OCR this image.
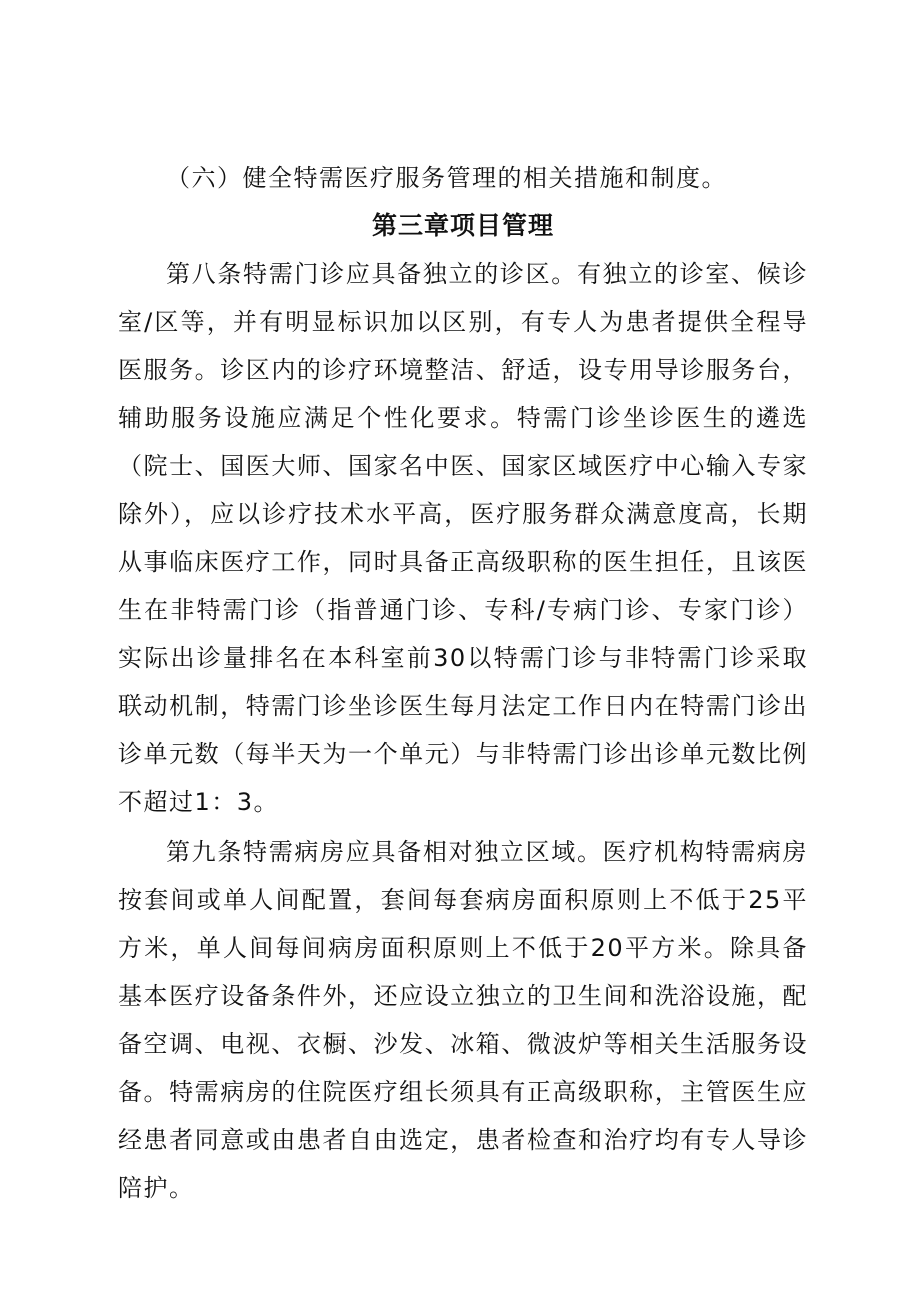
（六）健全特需医疗服务管理的相关措施和制度。

第三章项目管理

第八条特需门诊应具备独立的诊区。有独立的诊室、候诊室/区等，并有明显标识加以区别，有专人为患者提供全程导医服务。诊区内的诊疗环境整洁、舒适，设专用导诊服务台，辅助服务设施应满足个性化要求。特需门诊坐诊医生的遴选（院士、国医大师、国家名中医、国家区域医疗中心输入专家除外），应以诊疗技术水平高，医疗服务群众满意度高，长期从事临床医疗工作，同时具备正高级职称的医生担任，且该医生在非特需门诊（指普通门诊、专科/专病门诊、专家门诊）实际出诊量排名在本科室前30以特需门诊与非特需门诊采取联动机制，特需门诊坐诊医生每月法定工作日内在特需门诊出诊单元数（每半天为一个单元）与非特需门诊出诊单元数比例不超过1：3。

第九条特需病房应具备相对独立区域。医疗机构特需病房按套间或单人间配置，套间每套病房面积原则上不低于25平方米，单人间每间病房面积原则上不低于20平方米。除具备基本医疗设备条件外，还应设立独立的卫生间和洗浴设施，配备空调、电视、衣橱、沙发、冰箱、微波炉等相关生活服务设备。特需病房的住院医疗组长须具有正高级职称，主管医生应经患者同意或由患者自由选定，患者检查和治疗均有专人导诊陪护。
